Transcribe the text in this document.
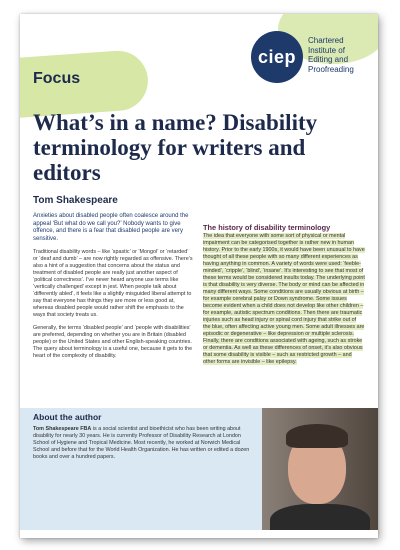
Focus
ciep
Chartered
Institute of
Editing and
Proofreading
What’s in a name? Disability terminology for writers and editors
Tom Shakespeare

Anxieties about disabled people often coalesce around the appeal ‘But what do we call you?’ Nobody wants to give offence, and there is a fear that disabled people are very sensitive.

Traditional disability words – like ‘spastic’ or ‘Mongol’ or ‘retarded’ or ‘deaf and dumb’ – are now rightly regarded as offensive. There’s also a hint of a suggestion that concerns about the status and treatment of disabled people are really just another aspect of ‘political correctness’. I’ve never heard anyone use terms like ‘vertically challenged’ except in jest. When people talk about ‘differently abled’, it feels like a slightly misguided liberal attempt to say that everyone has things they are more or less good at, whereas disabled people would rather shift the emphasis to the ways that society treats us.

Generally, the terms ‘disabled people’ and ‘people with disabilities’ are preferred, depending on whether you are in Britain (disabled people) or the United States and other English-speaking countries. The query about terminology is a useful one, because it gets to the heart of the complexity of disability.

The history of disability terminology

The idea that everyone with some sort of physical or mental impairment can be categorised together is rather new in human history. Prior to the early 1900s, it would have been unusual to have thought of all these people with so many different experiences as having anything in common. A variety of words were used: ‘feeble-minded’, ‘cripple’, ‘blind’, ‘insane’. It’s interesting to see that most of these terms would be considered insults today. The underlying point is that disability is very diverse. The body or mind can be affected in many different ways. Some conditions are usually obvious at birth – for example cerebral palsy or Down syndrome. Some issues become evident when a child does not develop like other children – for example, autistic spectrum conditions. Then there are traumatic injuries such as head injury or spinal cord injury that strike out of the blue, often affecting active young men. Some adult illnesses are episodic or degenerative – like depression or multiple sclerosis. Finally, there are conditions associated with ageing, such as stroke or dementia. As well as these differences of onset, it’s also obvious that some disability is visible – such as restricted growth – and other forms are invisible – like epilepsy.

About the author
Tom Shakespeare FBA is a social scientist and bioethicist who has been writing about disability for nearly 30 years. He is currently Professor of Disability Research at London School of Hygiene and Tropical Medicine. Most recently, he worked at Norwich Medical School and before that for the World Health Organization. He has written or edited a dozen books and over a hundred papers.
